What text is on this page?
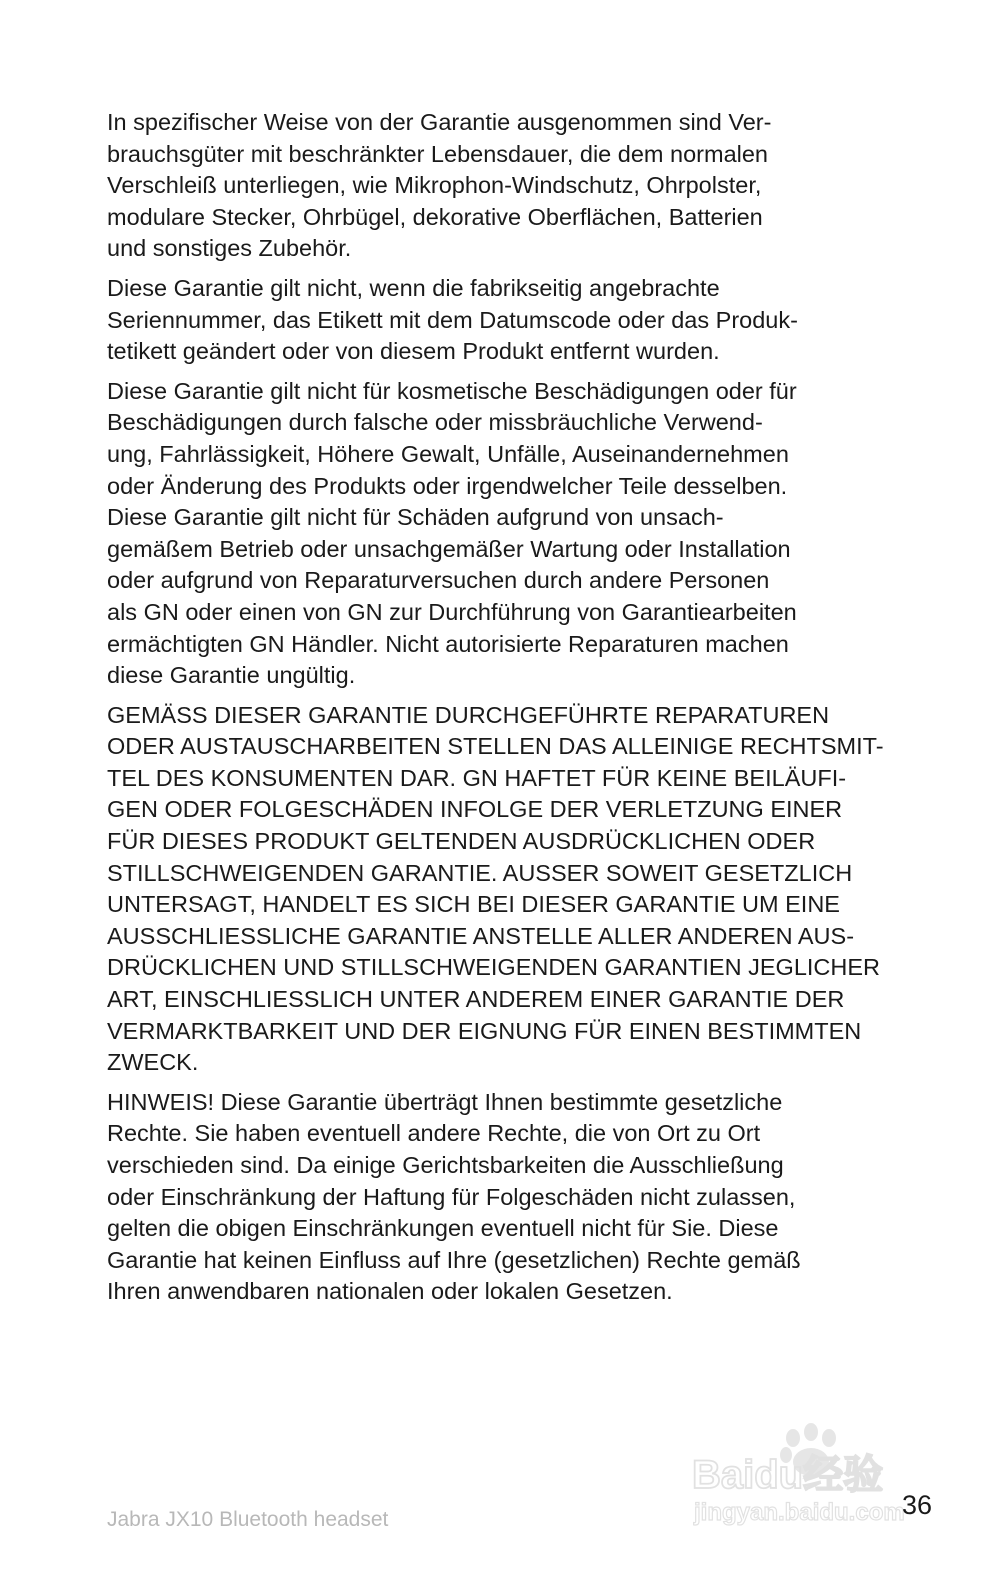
In spezifischer Weise von der Garantie ausgenommen sind Ver-
brauchsgüter mit beschränkter Lebensdauer, die dem normalen
Verschleiß unterliegen, wie Mikrophon-Windschutz, Ohrpolster,
modulare Stecker, Ohrbügel, dekorative Oberflächen, Batterien
und sonstiges Zubehör.

Diese Garantie gilt nicht, wenn die fabrikseitig angebrachte
Seriennummer, das Etikett mit dem Datumscode oder das Produk-
tetikett geändert oder von diesem Produkt entfernt wurden.

Diese Garantie gilt nicht für kosmetische Beschädigungen oder für
Beschädigungen durch falsche oder missbräuchliche Verwend-
ung, Fahrlässigkeit, Höhere Gewalt, Unfälle, Auseinandernehmen
oder Änderung des Produkts oder irgendwelcher Teile desselben.
Diese Garantie gilt nicht für Schäden aufgrund von unsach-
gemäßem Betrieb oder unsachgemäßer Wartung oder Installation
oder aufgrund von Reparaturversuchen durch andere Personen
als GN oder einen von GN zur Durchführung von Garantiearbeiten
ermächtigten GN Händler. Nicht autorisierte Reparaturen machen
diese Garantie ungültig.

GEMÄSS DIESER GARANTIE DURCHGEFÜHRTE REPARATUREN
ODER AUSTAUSCHARBEITEN STELLEN DAS ALLEINIGE RECHTSMIT-
TEL DES KONSUMENTEN DAR. GN HAFTET FÜR KEINE BEILÄUFI-
GEN ODER FOLGESCHÄDEN INFOLGE DER VERLETZUNG EINER
FÜR DIESES PRODUKT GELTENDEN AUSDRÜCKLICHEN ODER
STILLSCHWEIGENDEN GARANTIE. AUSSER SOWEIT GESETZLICH
UNTERSAGT, HANDELT ES SICH BEI DIESER GARANTIE UM EINE
AUSSCHLIESSLICHE GARANTIE ANSTELLE ALLER ANDEREN AUS-
DRÜCKLICHEN UND STILLSCHWEIGENDEN GARANTIEN JEGLICHER
ART, EINSCHLIESSLICH UNTER ANDEREM EINER GARANTIE DER
VERMARKTBARKEIT UND DER EIGNUNG FÜR EINEN BESTIMMTEN
ZWECK.

HINWEIS! Diese Garantie überträgt Ihnen bestimmte gesetzliche
Rechte. Sie haben eventuell andere Rechte, die von Ort zu Ort
verschieden sind. Da einige Gerichtsbarkeiten die Ausschließung
oder Einschränkung der Haftung für Folgeschäden nicht zulassen,
gelten die obigen Einschränkungen eventuell nicht für Sie. Diese
Garantie hat keinen Einfluss auf Ihre (gesetzlichen) Rechte gemäß
Ihren anwendbaren nationalen oder lokalen Gesetzen.

Baidu经验
jingyan.baidu.com
Jabra JX10 Bluetooth headset	36
